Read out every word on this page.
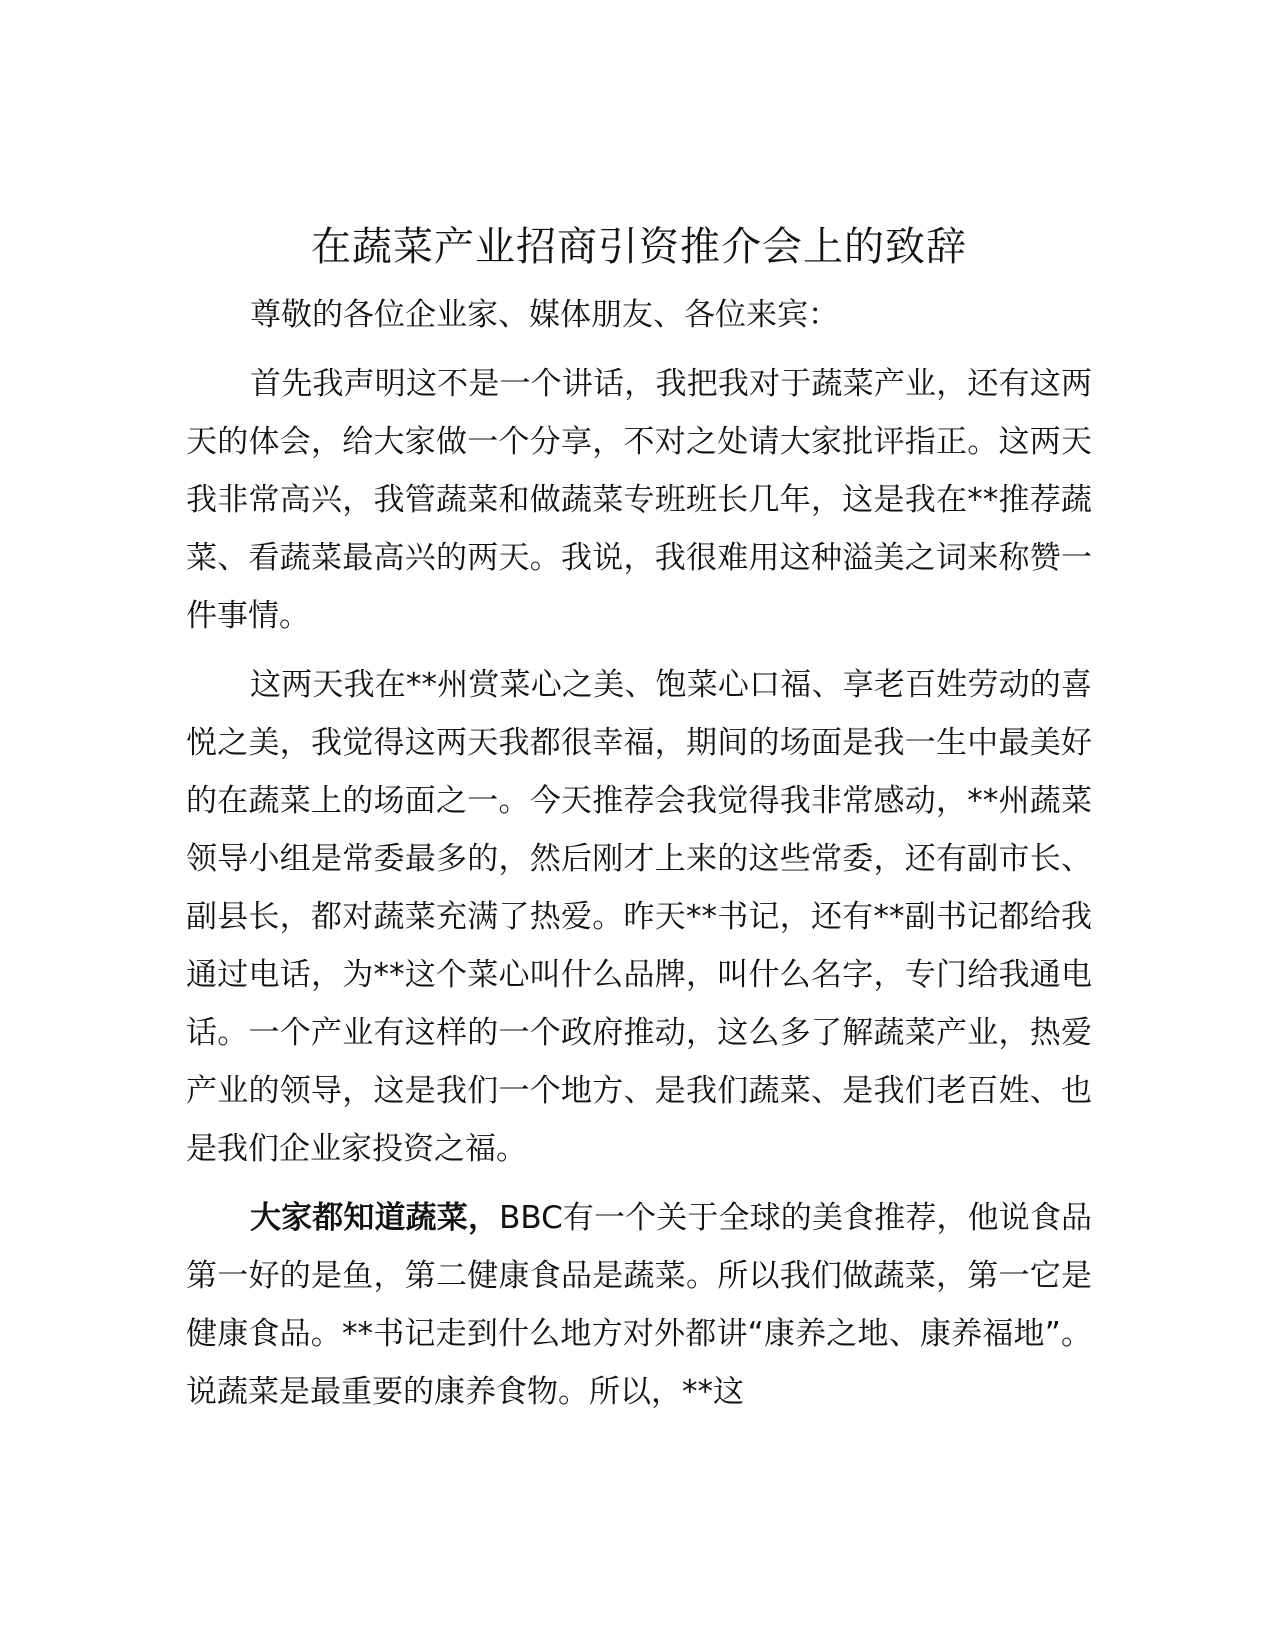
在蔬菜产业招商引资推介会上的致辞

尊敬的各位企业家、媒体朋友、各位来宾：

首先我声明这不是一个讲话，我把我对于蔬菜产业，还有这两天的体会，给大家做一个分享，不对之处请大家批评指正。这两天我非常高兴，我管蔬菜和做蔬菜专班班长几年，这是我在**推荐蔬菜、看蔬菜最高兴的两天。我说，我很难用这种溢美之词来称赞一件事情。

这两天我在**州赏菜心之美、饱菜心口福、享老百姓劳动的喜悦之美，我觉得这两天我都很幸福，期间的场面是我一生中最美好的在蔬菜上的场面之一。今天推荐会我觉得我非常感动，**州蔬菜领导小组是常委最多的，然后刚才上来的这些常委，还有副市长、副县长，都对蔬菜充满了热爱。昨天**书记，还有**副书记都给我通过电话，为**这个菜心叫什么品牌，叫什么名字，专门给我通电话。一个产业有这样的一个政府推动，这么多了解蔬菜产业，热爱产业的领导，这是我们一个地方、是我们蔬菜、是我们老百姓、也是我们企业家投资之福。

大家都知道蔬菜，BBC有一个关于全球的美食推荐，他说食品第一好的是鱼，第二健康食品是蔬菜。所以我们做蔬菜，第一它是健康食品。**书记走到什么地方对外都讲“康养之地、康养福地”。说蔬菜是最重要的康养食物。所以，**这
